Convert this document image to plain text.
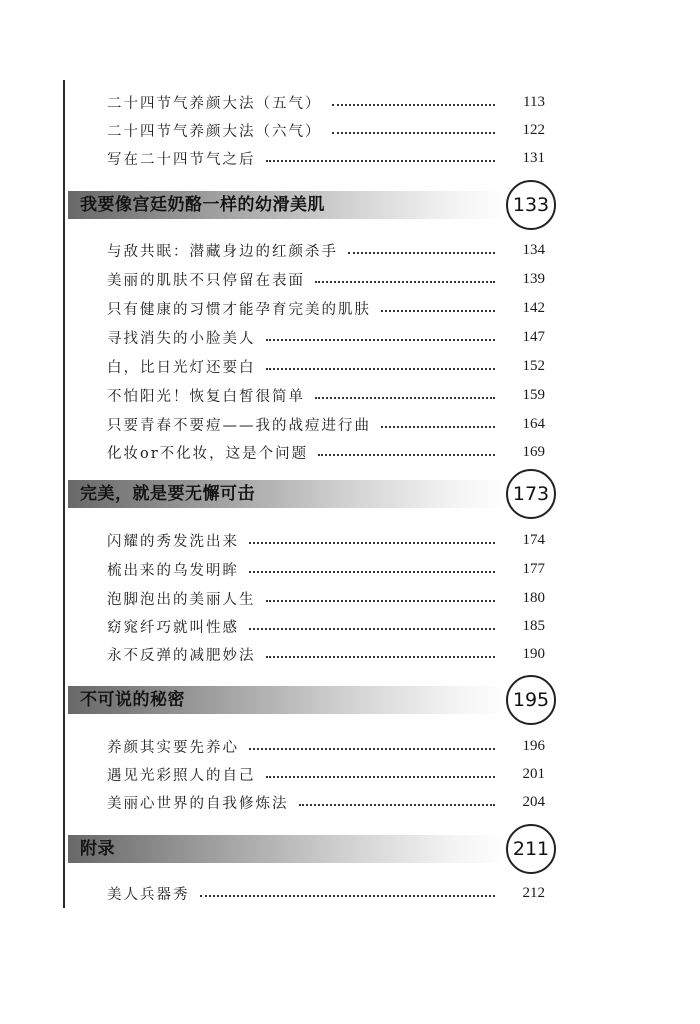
二十四节气养颜大法（五气）	113
二十四节气养颜大法（六气）	122
写在二十四节气之后	131
我要像宫廷奶酪一样的幼滑美肌	133
与敌共眠：潜藏身边的红颜杀手	134
美丽的肌肤不只停留在表面	139
只有健康的习惯才能孕育完美的肌肤	142
寻找消失的小脸美人	147
白，比日光灯还要白	152
不怕阳光！恢复白皙很简单	159
只要青春不要痘——我的战痘进行曲	164
化妆or不化妆，这是个问题	169
完美，就是要无懈可击	173
闪耀的秀发洗出来	174
梳出来的乌发明眸	177
泡脚泡出的美丽人生	180
窈窕纤巧就叫性感	185
永不反弹的减肥妙法	190
不可说的秘密	195
养颜其实要先养心	196
遇见光彩照人的自己	201
美丽心世界的自我修炼法	204
附录	211
美人兵器秀	212
